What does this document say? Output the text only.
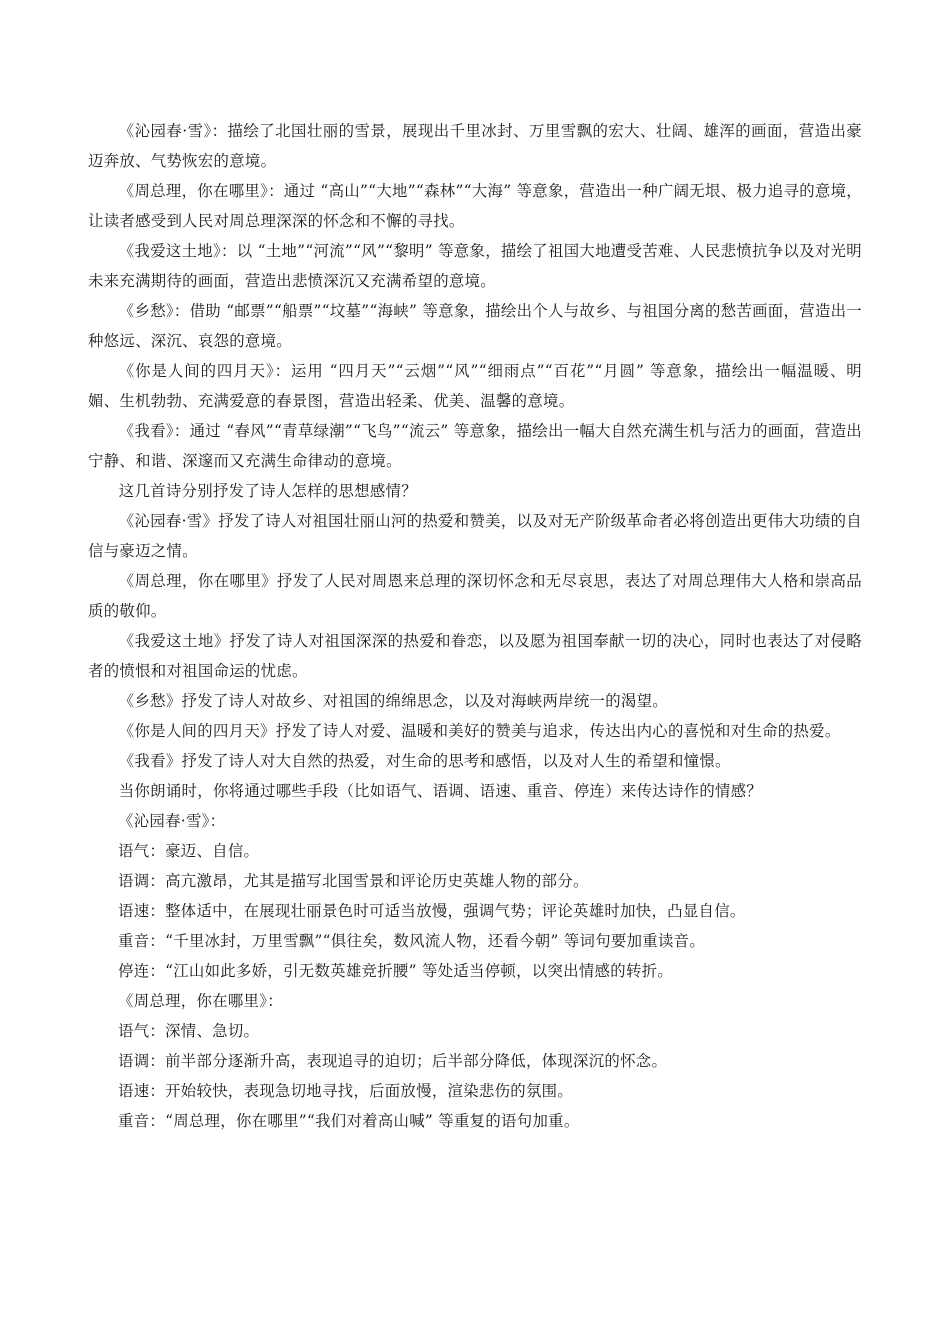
《沁园春·雪》：描绘了北国壮丽的雪景，展现出千里冰封、万里雪飘的宏大、壮阔、雄浑的画面，营造出豪迈奔放、气势恢宏的意境。

《周总理，你在哪里》：通过 “高山”“大地”“森林”“大海” 等意象，营造出一种广阔无垠、极力追寻的意境，让读者感受到人民对周总理深深的怀念和不懈的寻找。

《我爱这土地》：以 “土地”“河流”“风”“黎明” 等意象，描绘了祖国大地遭受苦难、人民悲愤抗争以及对光明未来充满期待的画面，营造出悲愤深沉又充满希望的意境。

《乡愁》：借助 “邮票”“船票”“坟墓”“海峡” 等意象，描绘出个人与故乡、与祖国分离的愁苦画面，营造出一种悠远、深沉、哀怨的意境。

《你是人间的四月天》：运用 “四月天”“云烟”“风”“细雨点”“百花”“月圆” 等意象，描绘出一幅温暖、明媚、生机勃勃、充满爱意的春景图，营造出轻柔、优美、温馨的意境。

《我看》：通过 “春风”“青草绿潮”“飞鸟”“流云” 等意象，描绘出一幅大自然充满生机与活力的画面，营造出宁静、和谐、深邃而又充满生命律动的意境。

这几首诗分别抒发了诗人怎样的思想感情？

《沁园春·雪》抒发了诗人对祖国壮丽山河的热爱和赞美，以及对无产阶级革命者必将创造出更伟大功绩的自信与豪迈之情。

《周总理，你在哪里》抒发了人民对周恩来总理的深切怀念和无尽哀思，表达了对周总理伟大人格和崇高品质的敬仰。

《我爱这土地》抒发了诗人对祖国深深的热爱和眷恋，以及愿为祖国奉献一切的决心，同时也表达了对侵略者的愤恨和对祖国命运的忧虑。

《乡愁》抒发了诗人对故乡、对祖国的绵绵思念，以及对海峡两岸统一的渴望。

《你是人间的四月天》抒发了诗人对爱、温暖和美好的赞美与追求，传达出内心的喜悦和对生命的热爱。

《我看》抒发了诗人对大自然的热爱，对生命的思考和感悟，以及对人生的希望和憧憬。

当你朗诵时，你将通过哪些手段（比如语气、语调、语速、重音、停连）来传达诗作的情感？

《沁园春·雪》：

语气：豪迈、自信。

语调：高亢激昂，尤其是描写北国雪景和评论历史英雄人物的部分。

语速：整体适中，在展现壮丽景色时可适当放慢，强调气势；评论英雄时加快，凸显自信。

重音：“千里冰封，万里雪飘”“俱往矣，数风流人物，还看今朝” 等词句要加重读音。

停连：“江山如此多娇，引无数英雄竞折腰” 等处适当停顿，以突出情感的转折。

《周总理，你在哪里》：

语气：深情、急切。

语调：前半部分逐渐升高，表现追寻的迫切；后半部分降低，体现深沉的怀念。

语速：开始较快，表现急切地寻找，后面放慢，渲染悲伤的氛围。

重音：“周总理，你在哪里”“我们对着高山喊” 等重复的语句加重。
